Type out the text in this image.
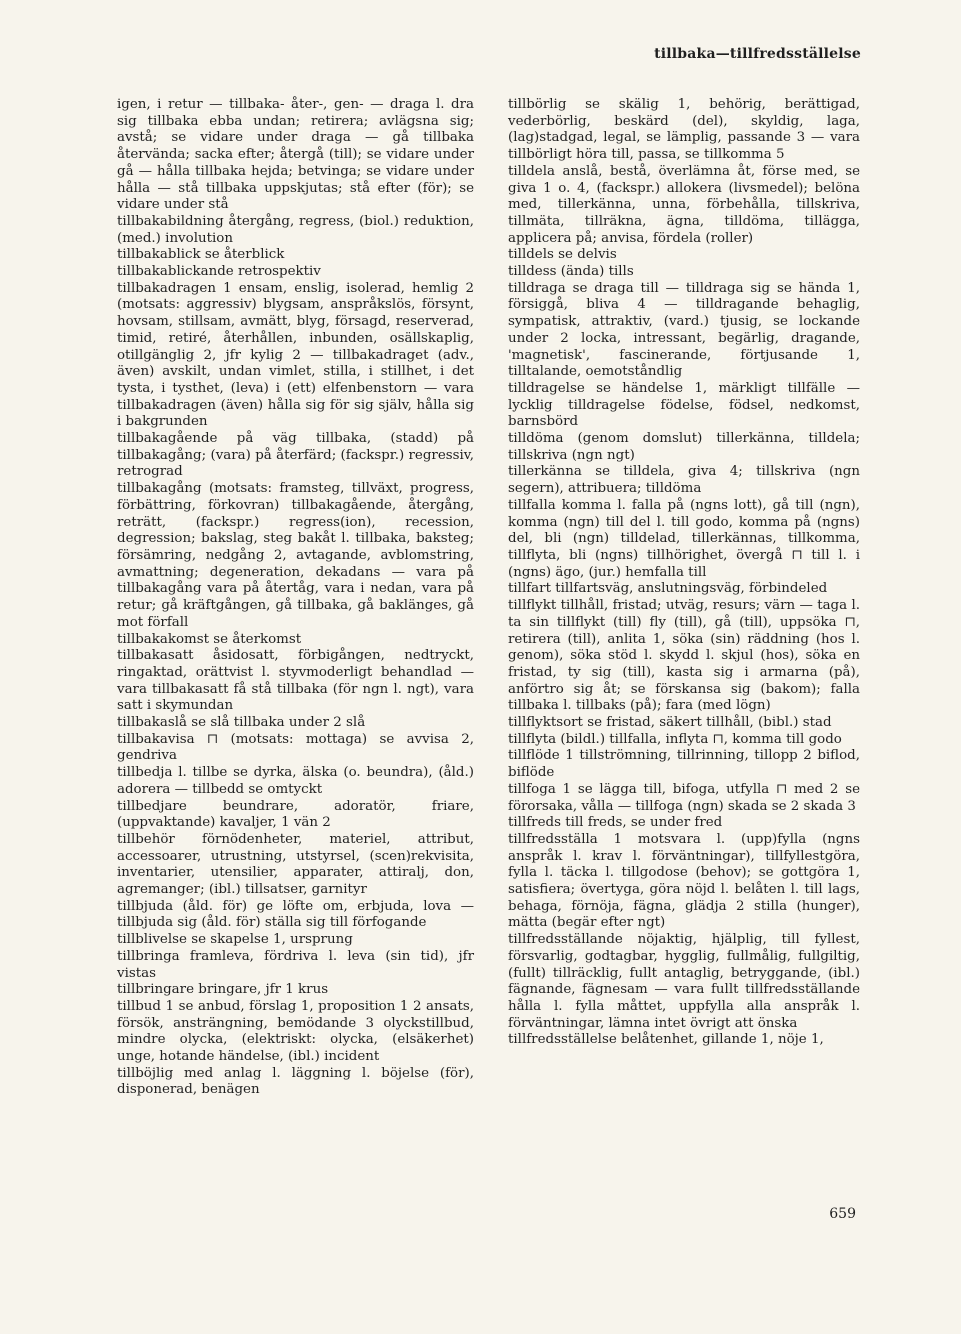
tillbaka—tillfredsställelse

igen, i retur — tillbaka- åter-, gen- — draga l. dra sig tillbaka ebba undan; retirera; avlägsna sig; avstå; se vidare under draga — gå tillbaka återvända; sacka efter; återgå (till); se vidare under gå — hålla tillbaka hejda; betvinga; se vidare under hålla — stå tillbaka uppskjutas; stå efter (för); se vidare under stå

tillbakabildning återgång, regress, (biol.) reduktion, (med.) involution

tillbakablick se återblick

tillbakablickande retrospektiv

tillbakadragen 1 ensam, enslig, isolerad, hemlig 2 (motsats: aggressiv) blygsam, anspråkslös, försynt, hovsam, stillsam, avmätt, blyg, försagd, reserverad, timid, retiré, återhållen, inbunden, osällskaplig, otillgänglig 2, jfr kylig 2 — tillbakadraget (adv., även) avskilt, undan vimlet, stilla, i stillhet, i det tysta, i tysthet, (leva) i (ett) elfenbenstorn — vara tillbakadragen (även) hålla sig för sig själv, hålla sig i bakgrunden

tillbakagående på väg tillbaka, (stadd) på tillbakagång; (vara) på återfärd; (fackspr.) regressiv, retrograd

tillbakagång (motsats: framsteg, tillväxt, progress, förbättring, förkovran) tillbakagående, återgång, reträtt, (fackspr.) regress(ion), recession, degression; bakslag, steg bakåt l. tillbaka, baksteg; försämring, nedgång 2, avtagande, avblomstring, avmattning; degeneration, dekadans — vara på tillbakagång vara på återtåg, vara i nedan, vara på retur; gå kräftgången, gå tillbaka, gå baklänges, gå mot förfall

tillbakakomst se återkomst

tillbakasatt åsidosatt, förbigången, nedtryckt, ringaktad, orättvist l. styvmoderligt behandlad — vara tillbakasatt få stå tillbaka (för ngn l. ngt), vara satt i skymundan

tillbakaslå se slå tillbaka under 2 slå

tillbakavisa ⊓ (motsats: mottaga) se avvisa 2, gendriva

tillbedja l. tillbe se dyrka, älska (o. beundra), (åld.) adorera — tillbedd se omtyckt

tillbedjare beundrare, adoratör, friare, (uppvaktande) kavaljer, 1 vän 2

tillbehör förnödenheter, materiel, attribut, accessoarer, utrustning, utstyrsel, (scen)rekvisita, inventarier, utensilier, apparater, attiralj, don, agremanger; (ibl.) tillsatser, garnityr

tillbjuda (åld. för) ge löfte om, erbjuda, lova — tillbjuda sig (åld. för) ställa sig till förfogande

tillblivelse se skapelse 1, ursprung

tillbringa framleva, fördriva l. leva (sin tid), jfr vistas

tillbringare bringare, jfr 1 krus

tillbud 1 se anbud, förslag 1, proposition 1 2 ansats, försök, ansträngning, bemödande 3 olyckstillbud, mindre olycka, (elektriskt: olycka, (elsäkerhet) unge, hotande händelse, (ibl.) incident

tillböjlig med anlag l. läggning l. böjelse (för), disponerad, benägen

tillbörlig se skälig 1, behörig, berättigad, vederbörlig, beskärd (del), skyldig, laga, (lag)stadgad, legal, se lämplig, passande 3 — vara tillbörligt höra till, passa, se tillkomma 5

tilldela anslå, bestå, överlämna åt, förse med, se giva 1 o. 4, (fackspr.) allokera (livsmedel); belöna med, tillerkänna, unna, förbehålla, tillskriva, tillmäta, tillräkna, ägna, tilldöma, tillägga, applicera på; anvisa, fördela (roller)

tilldels se delvis

tilldess (ända) tills

tilldraga se draga till — tilldraga sig se hända 1, försiggå, bliva 4 — tilldragande behaglig, sympatisk, attraktiv, (vard.) tjusig, se lockande under 2 locka, intressant, begärlig, dragande, 'magnetisk', fascinerande, förtjusande 1, tilltalande, oemotståndlig

tilldragelse se händelse 1, märkligt tillfälle — lycklig tilldragelse födelse, födsel, nedkomst, barnsbörd

tilldöma (genom domslut) tillerkänna, tilldela; tillskriva (ngn ngt)

tillerkänna se tilldela, giva 4; tillskriva (ngn segern), attribuera; tilldöma

tillfalla komma l. falla på (ngns lott), gå till (ngn), komma (ngn) till del l. till godo, komma på (ngns) del, bli (ngn) tilldelad, tillerkännas, tillkomma, tillflyta, bli (ngns) tillhörighet, övergå ⊓ till l. i (ngns) ägo, (jur.) hemfalla till

tillfart tillfartsväg, anslutningsväg, förbindeled

tillflykt tillhåll, fristad; utväg, resurs; värn — taga l. ta sin tillflykt (till) fly (till), gå (till), uppsöka ⊓, retirera (till), anlita 1, söka (sin) räddning (hos l. genom), söka stöd l. skydd l. skjul (hos), söka en fristad, ty sig (till), kasta sig i armarna (på), anförtro sig åt; se förskansa sig (bakom); falla tillbaka l. tillbaks (på); fara (med lögn)

tillflyktsort se fristad, säkert tillhåll, (bibl.) stad

tillflyta (bildl.) tillfalla, inflyta ⊓, komma till godo

tillflöde 1 tillströmning, tillrinning, tillopp 2 biflod, biflöde

tillfoga 1 se lägga till, bifoga, utfylla ⊓ med 2 se förorsaka, vålla — tillfoga (ngn) skada se 2 skada 3

tillfreds till freds, se under fred

tillfredsställa 1 motsvara l. (upp)fylla (ngns anspråk l. krav l. förväntningar), tillfyllestgöra, fylla l. täcka l. tillgodose (behov); se gottgöra 1, satisfiera; övertyga, göra nöjd l. belåten l. till lags, behaga, förnöja, fägna, glädja 2 stilla (hunger), mätta (begär efter ngt)

tillfredsställande nöjaktig, hjälplig, till fyllest, försvarlig, godtagbar, hygglig, fullmålig, fullgiltig, (fullt) tillräcklig, fullt antaglig, betryggande, (ibl.) fägnande, fägnesam — vara fullt tillfredsställande hålla l. fylla måttet, uppfylla alla anspråk l. förväntningar, lämna intet övrigt att önska

tillfredsställelse belåtenhet, gillande 1, nöje 1,

659
